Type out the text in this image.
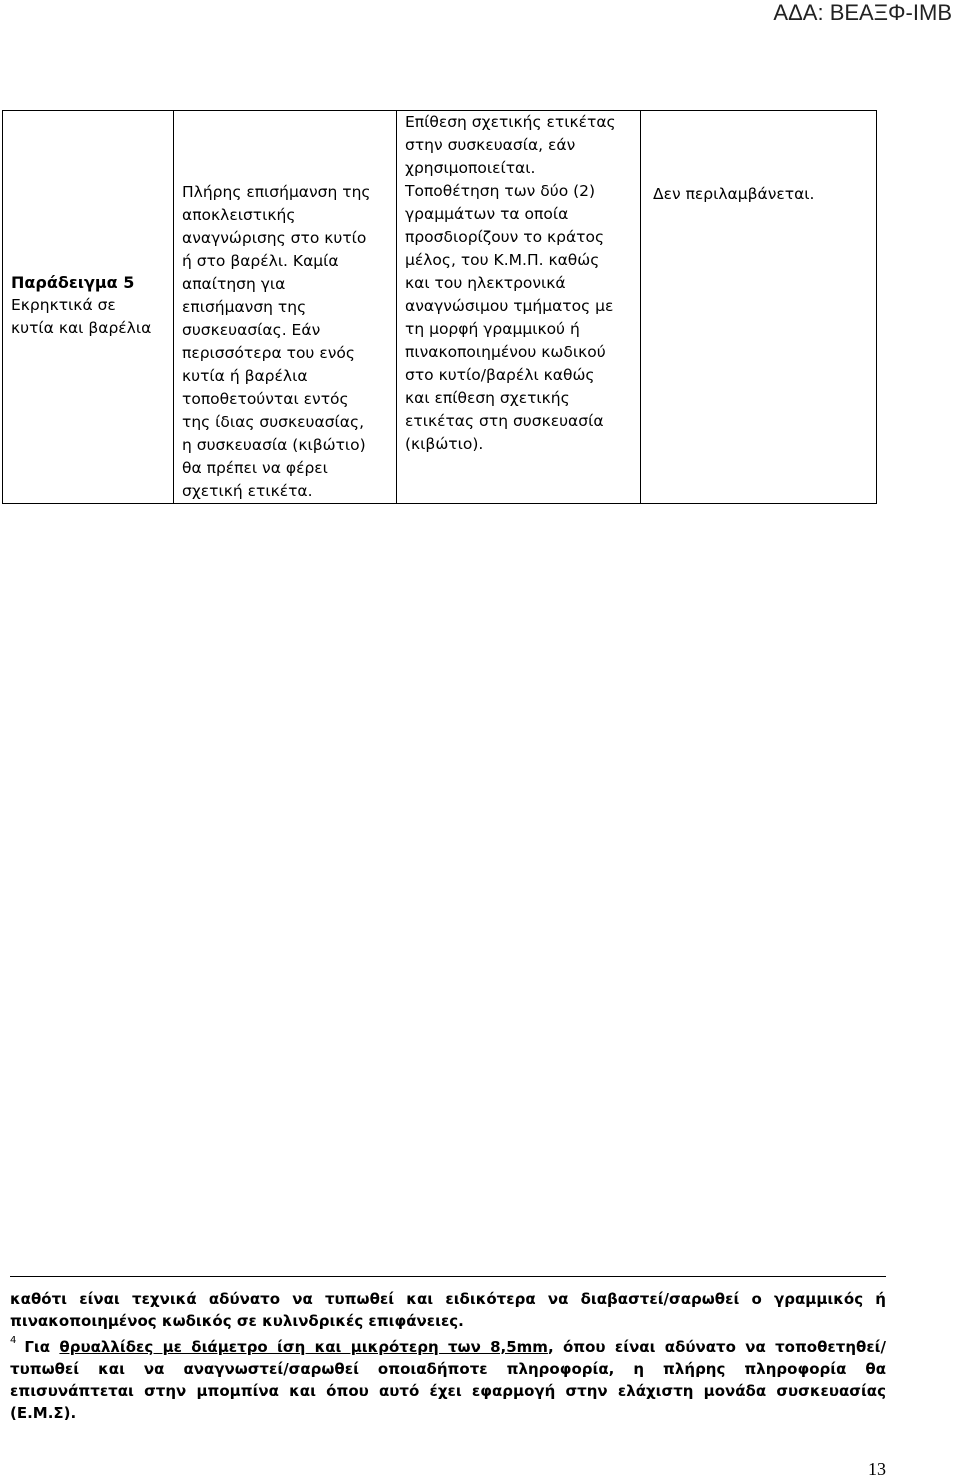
ΑΔΑ: ΒΕΑΞΦ-ΙΜΒ
Παράδειγμα 5
Εκρηκτικά σε
κυτία και βαρέλια

Πλήρης επισήμανση της
αποκλειστικής
αναγνώρισης στο κυτίο
ή στο βαρέλι. Καμία
απαίτηση για
επισήμανση της
συσκευασίας. Εάν
περισσότερα του ενός
κυτία ή βαρέλια
τοποθετούνται εντός
της ίδιας συσκευασίας,
η συσκευασία (κιβώτιο)
θα πρέπει να φέρει
σχετική ετικέτα.

Επίθεση σχετικής ετικέτας
στην συσκευασία, εάν
χρησιμοποιείται.
Τοποθέτηση των δύο (2)
γραμμάτων τα οποία
προσδιορίζουν το κράτος
μέλος, του Κ.Μ.Π. καθώς
και του ηλεκτρονικά
αναγνώσιμου τμήματος με
τη μορφή γραμμικού ή
πινακοποιημένου κωδικού
στο κυτίο/βαρέλι καθώς
και επίθεση σχετικής
ετικέτας στη συσκευασία
(κιβώτιο).

Δεν περιλαμβάνεται.
καθότι είναι τεχνικά αδύνατο να τυπωθεί και ειδικότερα να διαβαστεί/σαρωθεί ο γραμμικός ή πινακοποιημένος κωδικός σε κυλινδρικές επιφάνειες.
$^4$ Για θρυαλλίδες με διάμετρο ίση και μικρότερη των 8,5mm, όπου είναι αδύνατο να τοποθετηθεί/ τυπωθεί και να αναγνωστεί/σαρωθεί οποιαδήποτε πληροφορία, η πλήρης πληροφορία θα επισυνάπτεται στην μπομπίνα και όπου αυτό έχει εφαρμογή στην ελάχιστη μονάδα συσκευασίας (Ε.Μ.Σ).
13
